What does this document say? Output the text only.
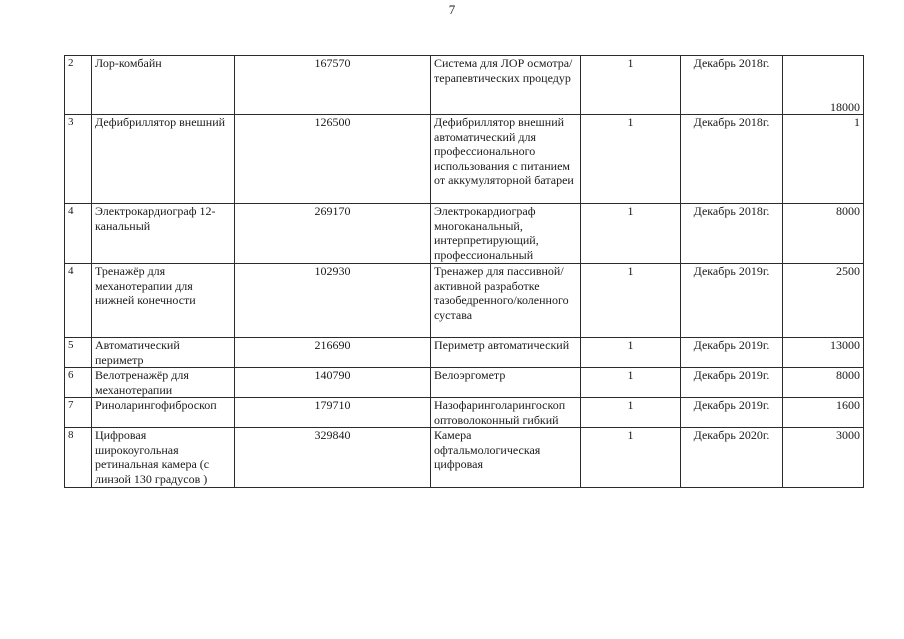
7
2	Лор-комбайн	167570	Система для ЛОР осмотра/терапевтических процедур	1	Декабрь 2018г.	18000
3	Дефибриллятор внешний	126500	Дефибриллятор внешний автоматический для профессионального использования с питанием от аккумуляторной батареи	1	Декабрь 2018г.	1
4	Электрокардиограф 12-канальный	269170	Электрокардиограф многоканальный, интерпретирующий, профессиональный	1	Декабрь 2018г.	8000
4	Тренажёр для механотерапии для нижней конечности	102930	Тренажер для пассивной/активной разработке тазобедренного/коленного сустава	1	Декабрь 2019г.	2500
5	Автоматический периметр	216690	Периметр автоматический	1	Декабрь 2019г.	13000
6	Велотренажёр для механотерапии	140790	Велоэргометр	1	Декабрь 2019г.	8000
7	Риноларингофиброскоп	179710	Назофаринголарингоскоп оптоволоконный гибкий	1	Декабрь 2019г.	1600
8	Цифровая широкоугольная ретинальная камера (с линзой 130 градусов )	329840	Камера офтальмологическая цифровая	1	Декабрь 2020г.	3000
